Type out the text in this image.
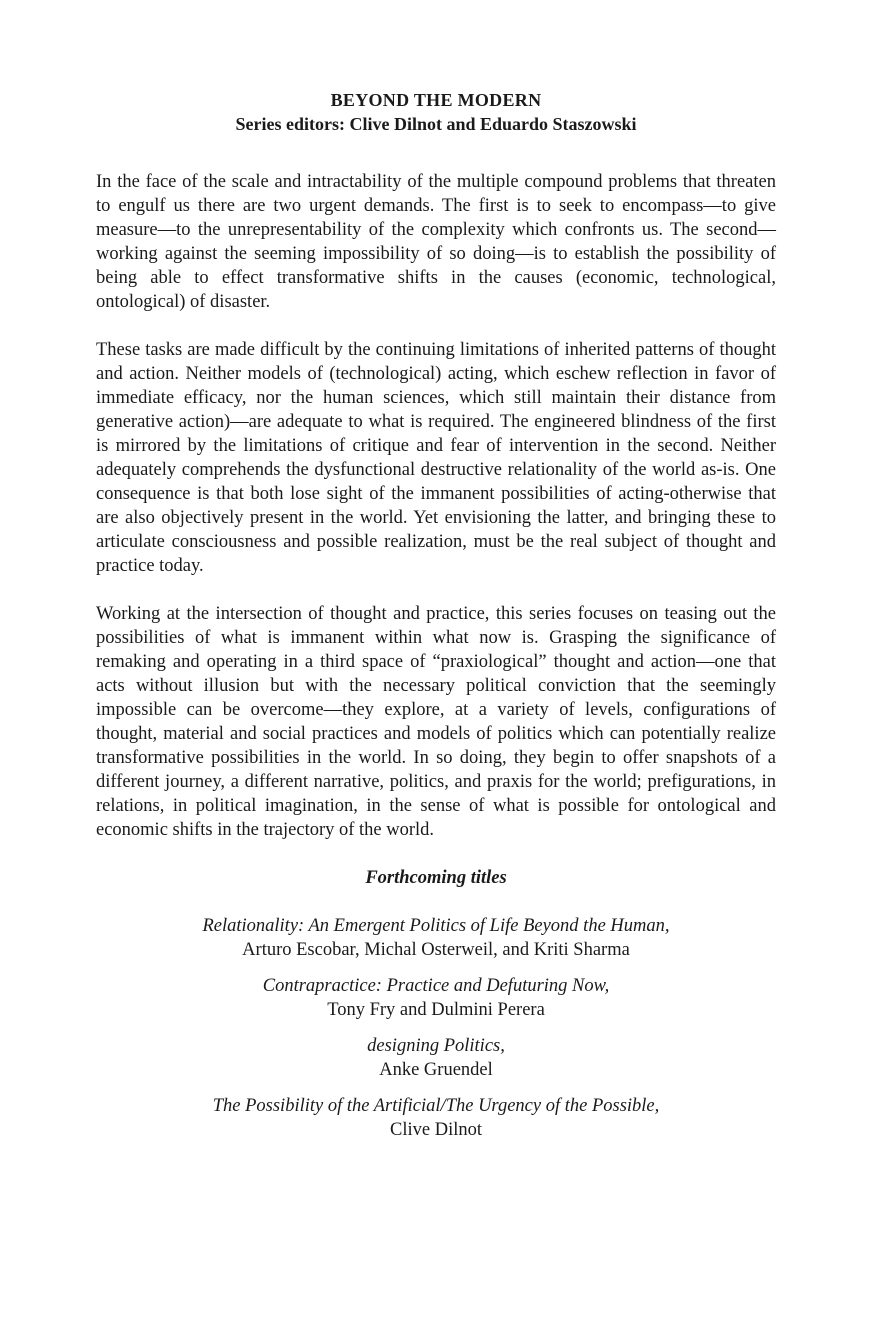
BEYOND THE MODERN

Series editors: Clive Dilnot and Eduardo Staszowski

In the face of the scale and intractability of the multiple compound problems that threaten to engulf us there are two urgent demands. The first is to seek to encompass—to give measure—to the unrepresentability of the complexity which confronts us. The second—working against the seeming impossibility of so doing—is to establish the possibility of being able to effect transformative shifts in the causes (economic, technological, ontological) of disaster.

These tasks are made difficult by the continuing limitations of inherited patterns of thought and action. Neither models of (technological) acting, which eschew reflection in favor of immediate efficacy, nor the human sciences, which still maintain their distance from generative action)—are adequate to what is required. The engineered blindness of the first is mirrored by the limitations of critique and fear of intervention in the second. Neither adequately comprehends the dysfunctional destructive relationality of the world as-is. One consequence is that both lose sight of the immanent possibilities of acting-otherwise that are also objectively present in the world. Yet envisioning the latter, and bringing these to articulate consciousness and possible realization, must be the real subject of thought and practice today.

Working at the intersection of thought and practice, this series focuses on teasing out the possibilities of what is immanent within what now is. Grasping the significance of remaking and operating in a third space of “praxiological” thought and action—one that acts without illusion but with the necessary political conviction that the seemingly impossible can be overcome—they explore, at a variety of levels, configurations of thought, material and social practices and models of politics which can potentially realize transformative possibilities in the world. In so doing, they begin to offer snapshots of a different journey, a different narrative, politics, and praxis for the world; prefigurations, in relations, in political imagination, in the sense of what is possible for ontological and economic shifts in the trajectory of the world.

Forthcoming titles

Relationality: An Emergent Politics of Life Beyond the Human,
Arturo Escobar, Michal Osterweil, and Kriti Sharma
Contrapractice: Practice and Defuturing Now,
Tony Fry and Dulmini Perera
designing Politics,
Anke Gruendel
The Possibility of the Artificial/The Urgency of the Possible,
Clive Dilnot
